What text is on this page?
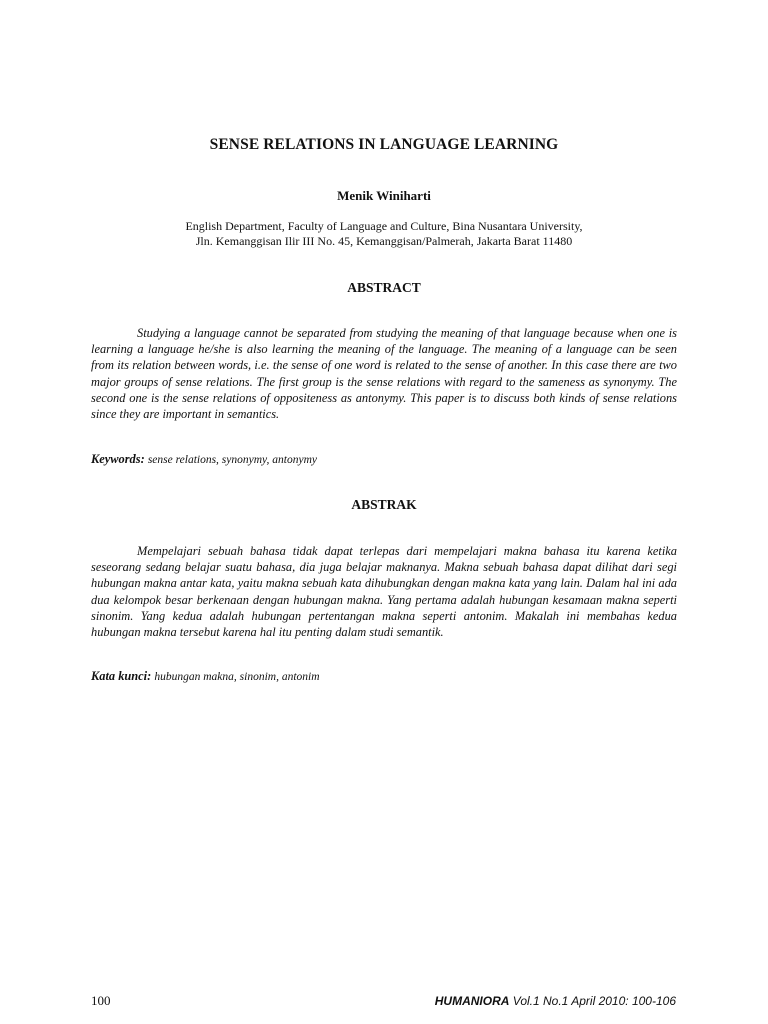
SENSE RELATIONS IN LANGUAGE LEARNING

Menik Winiharti

English Department, Faculty of Language and Culture, Bina Nusantara University,
Jln. Kemanggisan Ilir III No. 45, Kemanggisan/Palmerah, Jakarta Barat 11480
ABSTRACT

Studying a language cannot be separated from studying the meaning of that language because when one is learning a language he/she is also learning the meaning of the language. The meaning of a language can be seen from its relation between words, i.e. the sense of one word is related to the sense of another. In this case there are two major groups of sense relations. The first group is the sense relations with regard to the sameness as synonymy. The second one is the sense relations of oppositeness as antonymy. This paper is to discuss both kinds of sense relations since they are important in semantics.

Keywords: sense relations, synonymy, antonymy

ABSTRAK

Mempelajari sebuah bahasa tidak dapat terlepas dari mempelajari makna bahasa itu karena ketika seseorang sedang belajar suatu bahasa, dia juga belajar maknanya. Makna sebuah bahasa dapat dilihat dari segi hubungan makna antar kata, yaitu makna sebuah kata dihubungkan dengan makna kata yang lain. Dalam hal ini ada dua kelompok besar berkenaan dengan hubungan makna. Yang pertama adalah hubungan kesamaan makna seperti sinonim. Yang kedua adalah hubungan pertentangan makna seperti antonim. Makalah ini membahas kedua hubungan makna tersebut karena hal itu penting dalam studi semantik.

Kata kunci: hubungan makna, sinonim, antonim

100	HUMANIORA Vol.1 No.1 April 2010: 100-106
